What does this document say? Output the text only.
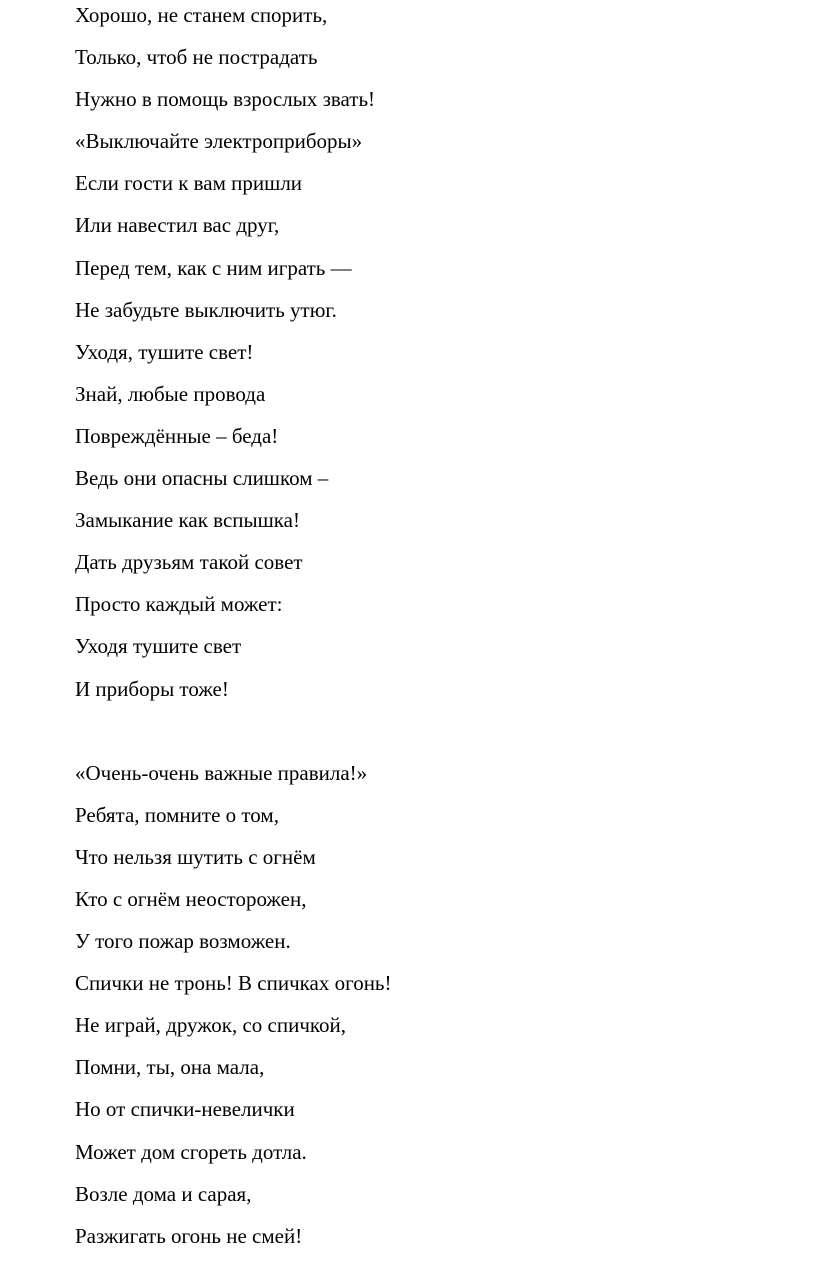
Хорошо, не станем спорить,
Только, чтоб не пострадать
Нужно в помощь взрослых звать!
«Выключайте электроприборы»
Если гости к вам пришли
Или навестил вас друг,
Перед тем, как с ним играть —
Не забудьте выключить утюг.
Уходя, тушите свет!
Знай, любые провода
Повреждённые – беда!
Ведь они опасны слишком –
Замыкание как вспышка!
Дать друзьям такой совет
Просто каждый может:
Уходя тушите свет
И приборы тоже!
«Очень-очень важные правила!»
Ребята, помните о том,
Что нельзя шутить с огнём
Кто с огнём неосторожен,
У того пожар возможен.
Спички не тронь! В спичках огонь!
Не играй, дружок, со спичкой,
Помни, ты, она мала,
Но от спички-невелички
Может дом сгореть дотла.
Возле дома и сарая,
Разжигать огонь не смей!
